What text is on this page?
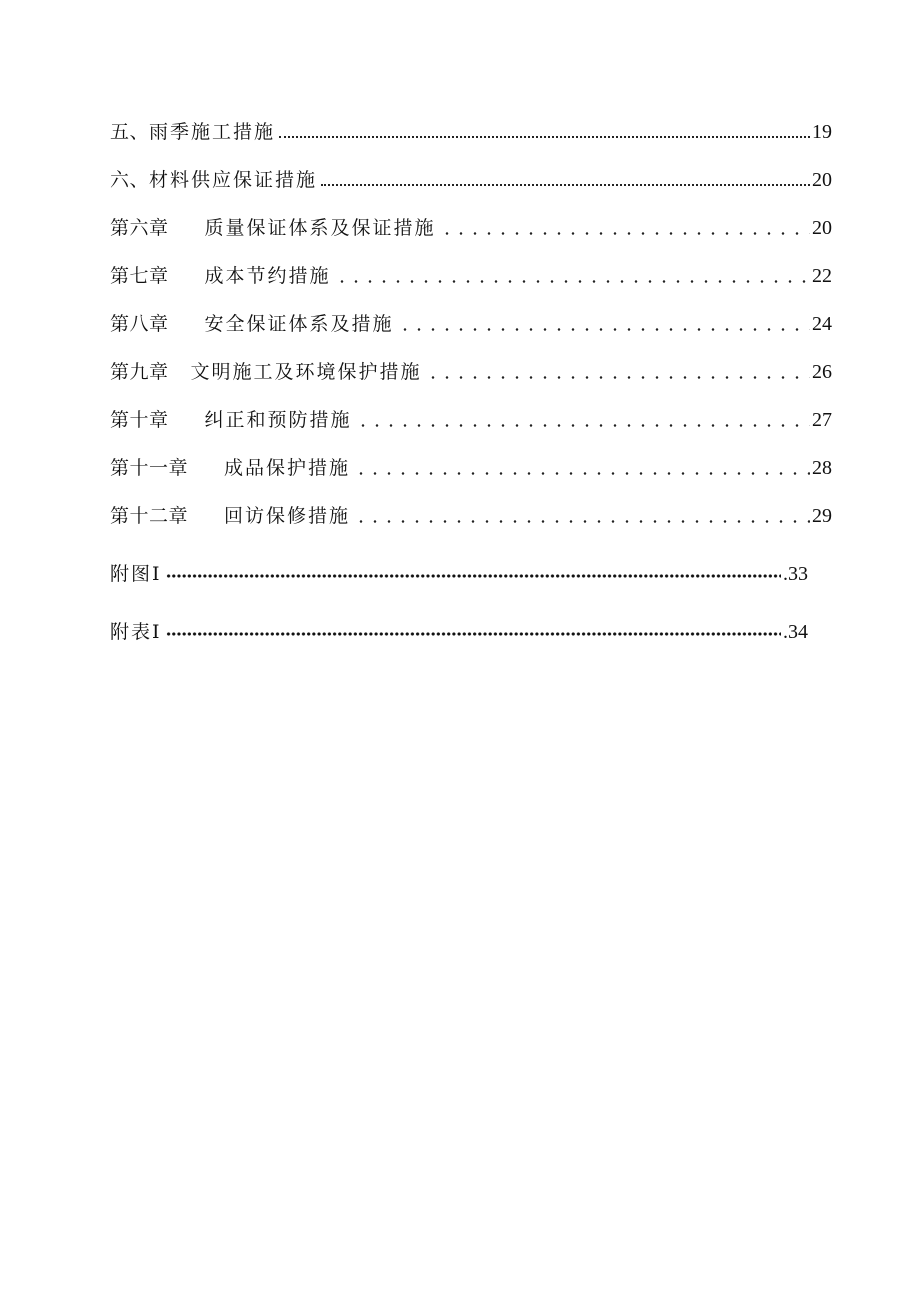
五、 雨季施工措施	19
六、 材料供应保证措施	20
第六章 质量保证体系及保证措施	20
第七章 成本节约措施	22
第八章 安全保证体系及措施	24
第九章 文明施工及环境保护措施	26
第十章 纠正和预防措施	27
第十一章 成品保护措施	28
第十二章 回访保修措施	29
附图Ⅰ	.33
附表Ⅰ	.34
